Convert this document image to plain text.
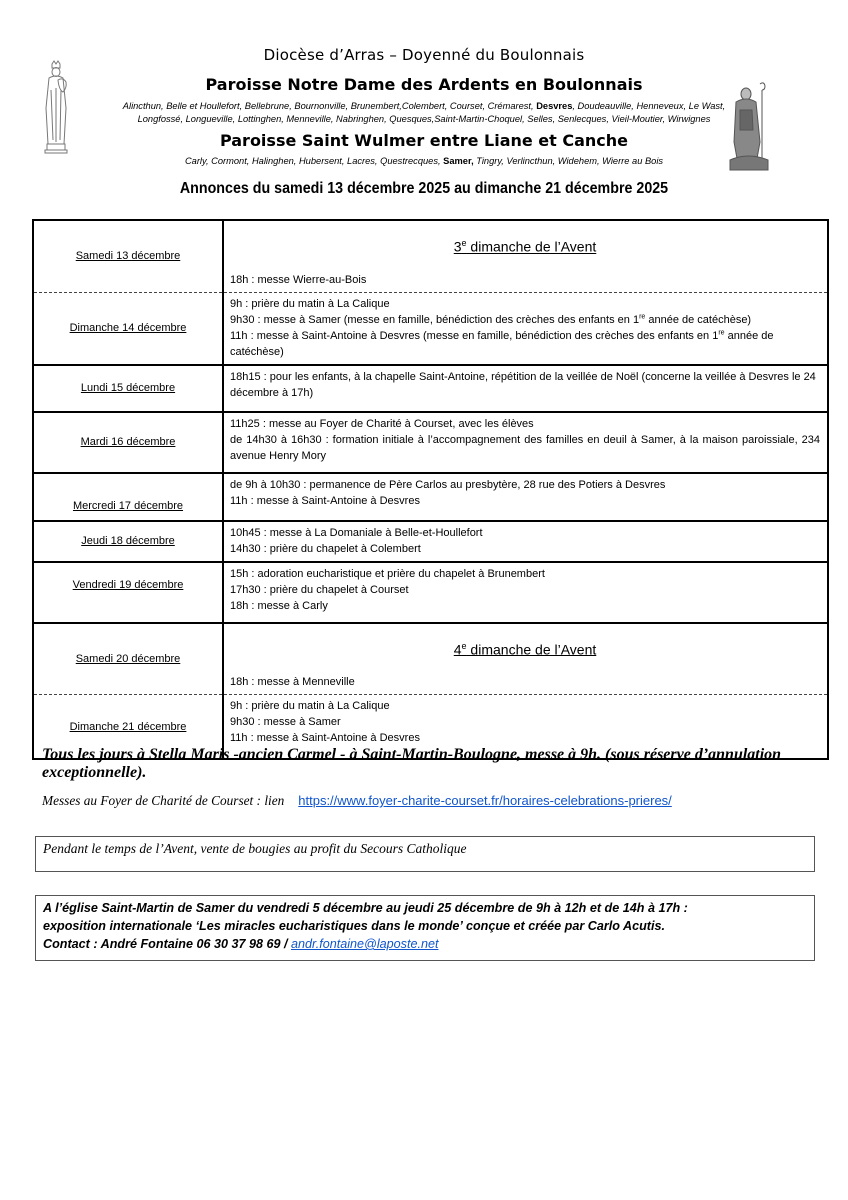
Diocèse d’Arras – Doyenné du Boulonnais
Paroisse Notre Dame des Ardents en Boulonnais
Alincthun, Belle et Houllefort, Bellebrune, Bournonville, Brunembert,Colembert, Courset, Crémarest, Desvres, Doudeauville, Henneveux, Le Wast,
Longfossé, Longueville, Lottinghen, Menneville, Nabringhen, Quesques,Saint-Martin-Choquel, Selles, Senlecques, Vieil-Moutier, Wirwignes
Paroisse Saint Wulmer entre Liane et Canche
Carly, Cormont, Halinghen, Hubersent, Lacres, Questrecques, Samer, Tingry, Verlincthun, Widehem, Wierre au Bois
Annonces du samedi 13 décembre 2025 au dimanche 21 décembre 2025
Samedi 13 décembre	3e dimanche de l’Avent
18h : messe Wierre-au-Bois

Dimanche 14 décembre	9h : prière du matin à La Calique
9h30 : messe à Samer (messe en famille, bénédiction des crèches des enfants en 1re année de catéchèse)
11h : messe à Saint-Antoine à Desvres (messe en famille, bénédiction des crèches des enfants en 1re année de catéchèse)

Lundi 15 décembre	18h15 : pour les enfants, à la chapelle Saint-Antoine, répétition de la veillée de Noël (concerne la veillée à Desvres le 24 décembre à 17h)

Mardi 16 décembre	11h25 : messe au Foyer de Charité à Courset, avec les élèves
de 14h30 à 16h30 : formation initiale à l’accompagnement des familles en deuil à Samer, à la maison paroissiale, 234 avenue Henry Mory

Mercredi 17 décembre	de 9h à 10h30 : permanence de Père Carlos au presbytère, 28 rue des Potiers à Desvres
11h : messe à Saint-Antoine à Desvres

Jeudi 18 décembre	10h45 : messe à La Domaniale à Belle-et-Houllefort
14h30 : prière du chapelet à Colembert

Vendredi 19 décembre	15h : adoration eucharistique et prière du chapelet à Brunembert
17h30 : prière du chapelet à Courset
18h : messe à Carly

Samedi 20 décembre	4e dimanche de l’Avent
18h : messe à Menneville

Dimanche 21 décembre	9h : prière du matin à La Calique
9h30 : messe à Samer
11h : messe à Saint-Antoine à Desvres
Tous les jours à Stella Maris -ancien Carmel - à Saint-Martin-Boulogne, messe à 9h. (sous réserve d’annulation exceptionnelle).
Messes au Foyer de Charité de Courset : lien https://www.foyer-charite-courset.fr/horaires-celebrations-prieres/
Pendant le temps de l’Avent, vente de bougies au profit du Secours Catholique
A l’église Saint-Martin de Samer du vendredi 5 décembre au jeudi 25 décembre de 9h à 12h et de 14h à 17h :
exposition internationale ‘Les miracles eucharistiques dans le monde’ conçue et créée par Carlo Acutis.
Contact : André Fontaine 06 30 37 98 69 / andr.fontaine@laposte.net
